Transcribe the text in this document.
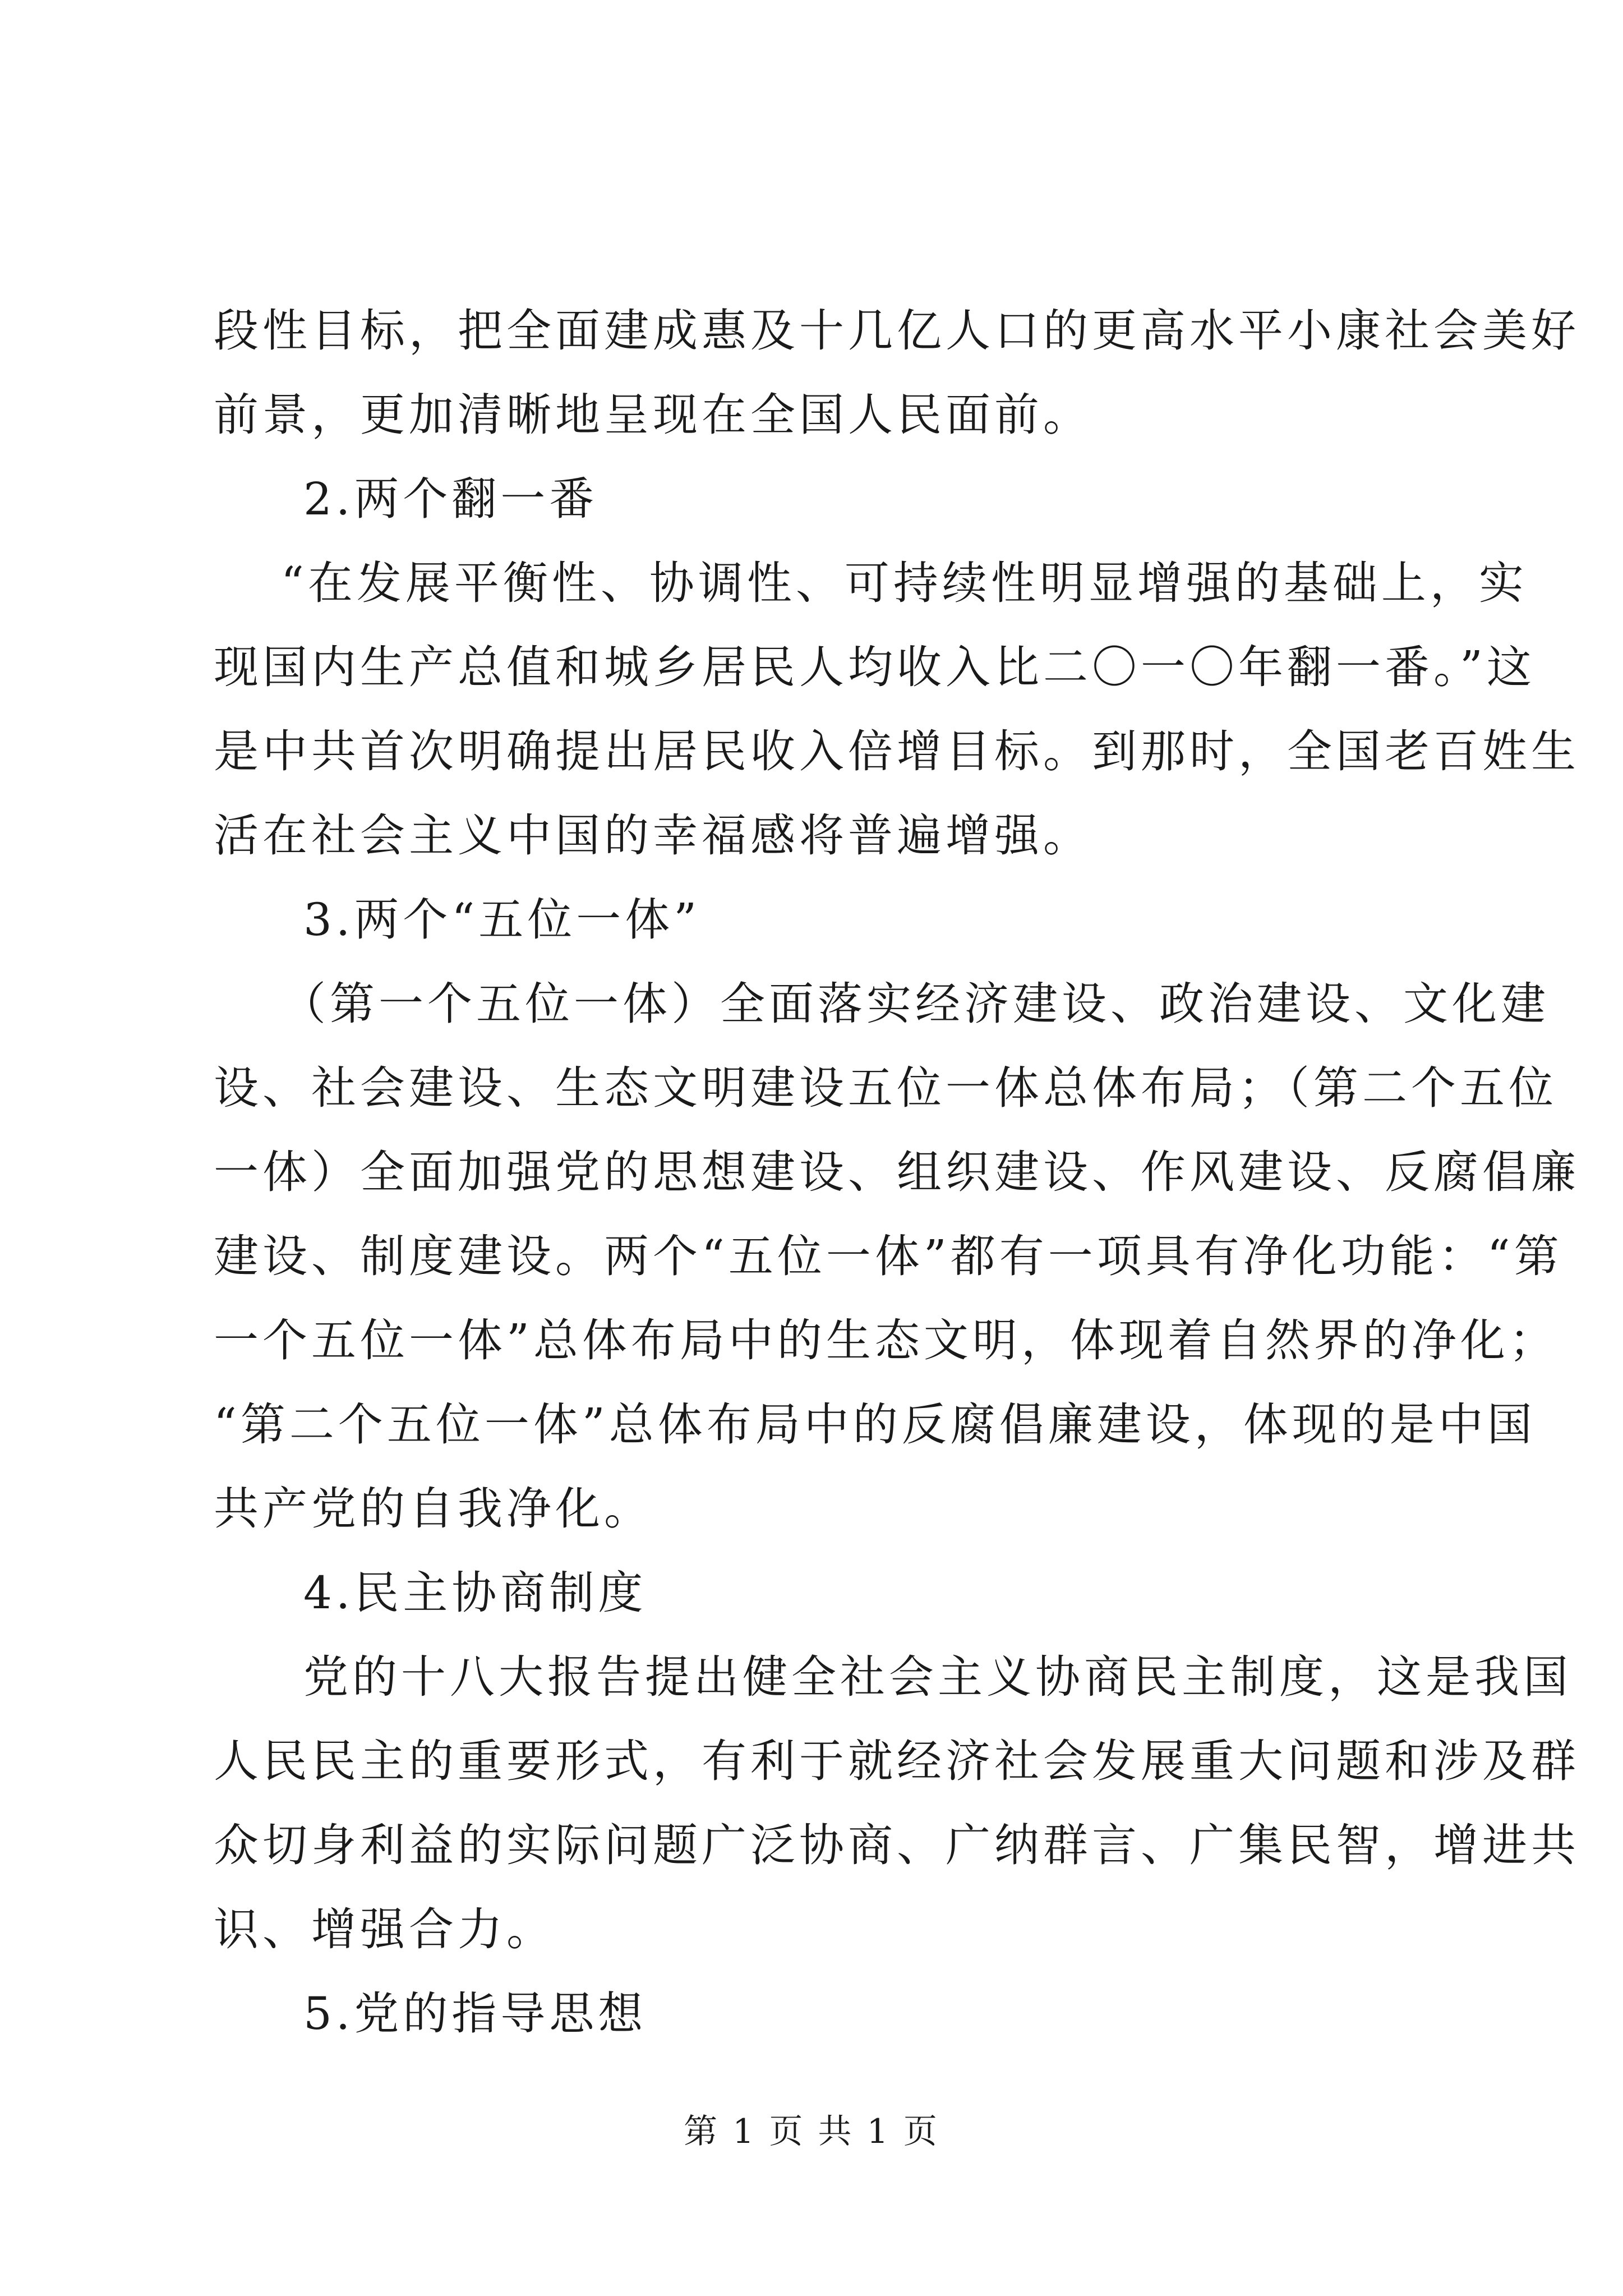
段性目标，把全面建成惠及十几亿人口的更高水平小康社会美好
前景，更加清晰地呈现在全国人民面前。
2.两个翻一番
“在发展平衡性、协调性、可持续性明显增强的基础上，实
现国内生产总值和城乡居民人均收入比二〇一〇年翻一番。”这
是中共首次明确提出居民收入倍增目标。到那时，全国老百姓生
活在社会主义中国的幸福感将普遍增强。
3.两个“五位一体”
（第一个五位一体）全面落实经济建设、政治建设、文化建
设、社会建设、生态文明建设五位一体总体布局；（第二个五位
一体）全面加强党的思想建设、组织建设、作风建设、反腐倡廉
建设、制度建设。两个“五位一体”都有一项具有净化功能：“第
一个五位一体”总体布局中的生态文明，体现着自然界的净化；
“第二个五位一体”总体布局中的反腐倡廉建设，体现的是中国
共产党的自我净化。
4.民主协商制度
党的十八大报告提出健全社会主义协商民主制度，这是我国
人民民主的重要形式，有利于就经济社会发展重大问题和涉及群
众切身利益的实际问题广泛协商、广纳群言、广集民智，增进共
识、增强合力。
5.党的指导思想
第 1 页 共 1 页
